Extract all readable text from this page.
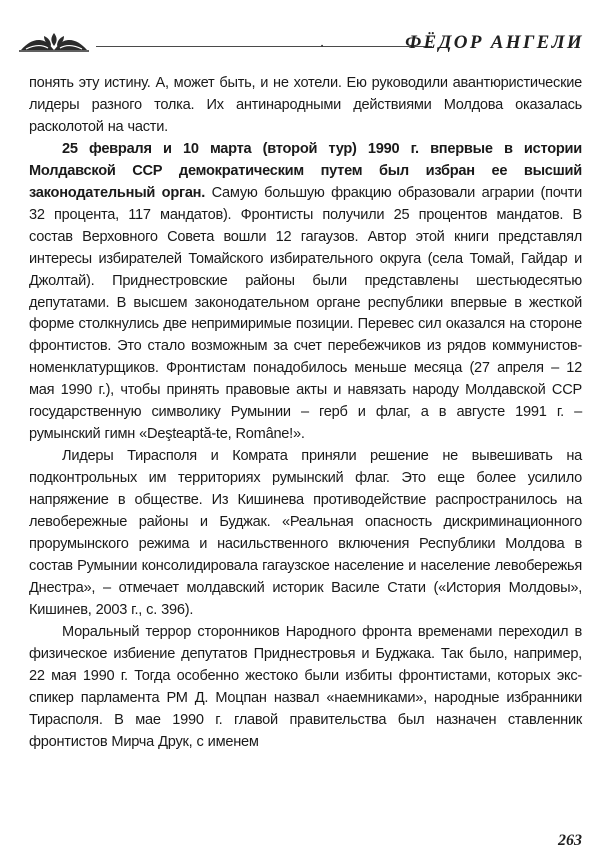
•	ФЁДОР АНГЕЛИ

понять эту истину. А, может быть, и не хотели. Ею руководили авантюристические лидеры разного толка. Их антинародными действиями Молдова оказалась расколотой на части.

25 февраля и 10 марта (второй тур) 1990 г. впервые в истории Молдавской ССР демократическим путем был избран ее высший законодательный орган. Самую большую фракцию образовали аграрии (почти 32 процента, 117 мандатов). Фронтисты получили 25 процентов мандатов. В состав Верховного Совета вошли 12 гагаузов. Автор этой книги представлял интересы избирателей Томайского избирательного округа (села Томай, Гайдар и Джолтай). Приднестровские районы были представлены шестьюдесятью депутатами. В высшем законодательном органе республики впервые в жесткой форме столкнулись две непримиримые позиции. Перевес сил оказался на стороне фронтистов. Это стало возможным за счет перебежчиков из рядов коммунистов-номенклатурщиков. Фронтистам понадобилось меньше месяца (27 апреля – 12 мая 1990 г.), чтобы принять правовые акты и навязать народу Молдавской ССР государственную символику Румынии – герб и флаг, а в августе 1991 г. – румынский гимн «Deşteaptă-te, Române!».

Лидеры Тирасполя и Комрата приняли решение не вывешивать на подконтрольных им территориях румынский флаг. Это еще более усилило напряжение в обществе. Из Кишинева противодействие распространилось на левобережные районы и Буджак. «Реальная опасность дискриминационного прорумынского режима и насильственного включения Республики Молдова в состав Румынии консолидировала гагаузское население и население левобережья Днестра», – отмечает молдавский историк Василе Стати («История Молдовы», Кишинев, 2003 г., с. 396).

Моральный террор сторонников Народного фронта временами переходил в физическое избиение депутатов Приднестровья и Буджака. Так было, например, 22 мая 1990 г. Тогда особенно жестоко были избиты фронтистами, которых экс-спикер парламента РМ Д. Моцпан назвал «наемниками», народные избранники Тирасполя. В мае 1990 г. главой правительства был назначен ставленник фронтистов Мирча Друк, с именем

263
